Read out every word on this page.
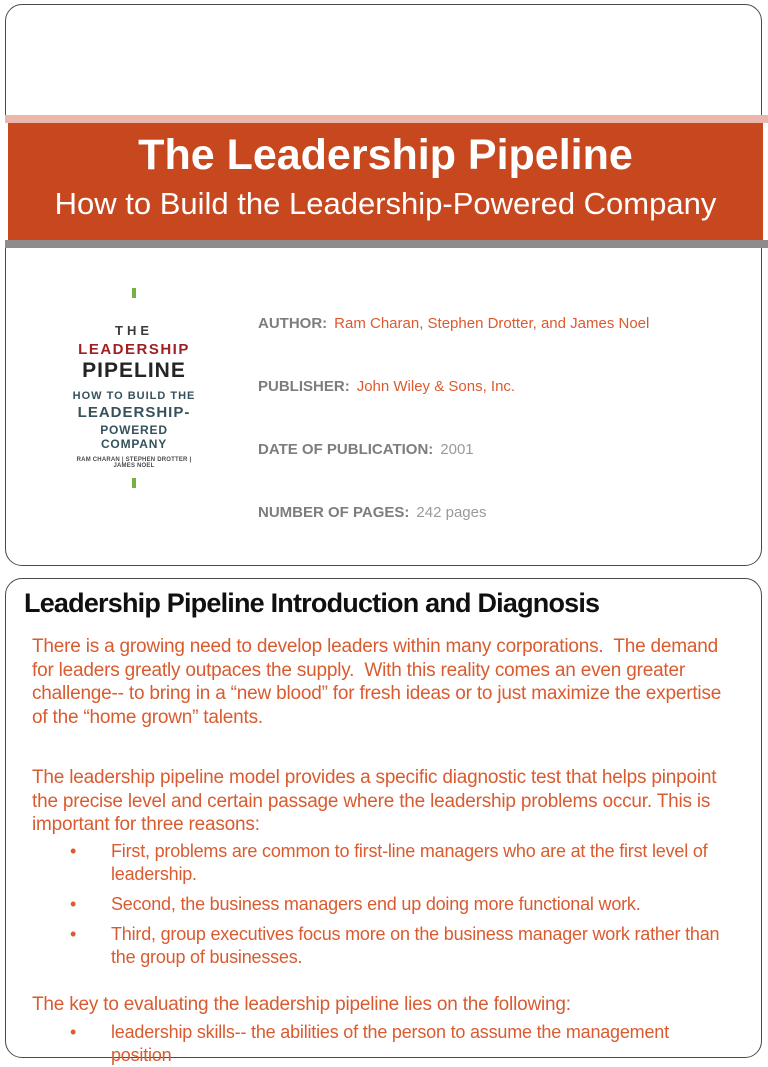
THE
LEADERSHIP
PIPELINE
HOW TO BUILD THE
LEADERSHIP-
POWERED COMPANY
RAM CHARAN | STEPHEN DROTTER | JAMES NOEL

AUTHOR: Ram Charan, Stephen Drotter, and James Noel

PUBLISHER: John Wiley & Sons, Inc.

DATE OF PUBLICATION: 2001

NUMBER OF PAGES: 242 pages

The Leadership Pipeline
How to Build the Leadership-Powered Company
Leadership Pipeline Introduction and Diagnosis
There is a growing need to develop leaders within many corporations.  The demand
for leaders greatly outpaces the supply.  With this reality comes an even greater
challenge-- to bring in a “new blood” for fresh ideas or to just maximize the expertise
of the “home grown” talents.
The leadership pipeline model provides a specific diagnostic test that helps pinpoint
the precise level and certain passage where the leadership problems occur. This is
important for three reasons:
• First, problems are common to first-line managers who are at the first level of leadership.
• Second, the business managers end up doing more functional work.
• Third, group executives focus more on the business manager work rather than the group of businesses.
The key to evaluating the leadership pipeline lies on the following:
• leadership skills-- the abilities of the person to assume the management position
